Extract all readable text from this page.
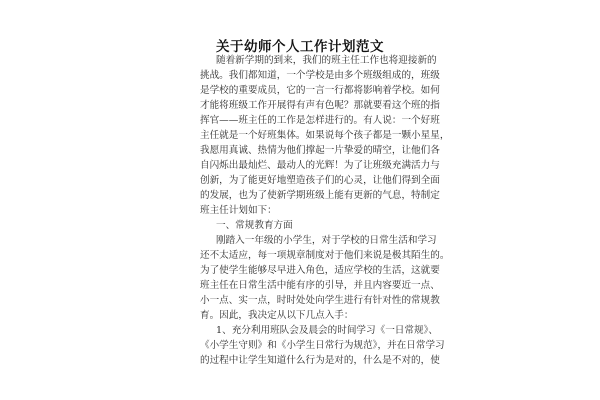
关于幼师个人工作计划范文

随着新学期的到来，我们的班主任工作也将迎接新的

挑战。我们都知道，一个学校是由多个班级组成的，班级

是学校的重要成员，它的一言一行都将影响着学校。如何

才能将班级工作开展得有声有色呢？那就要看这个班的指

挥官——班主任的工作是怎样进行的。有人说：一个好班

主任就是一个好班集体。如果说每个孩子都是一颗小星星，

我愿用真诚、热情为他们撑起一片挚爱的晴空，让他们各

自闪烁出最灿烂、最动人的光辉！为了让班级充满活力与

创新，为了能更好地塑造孩子们的心灵，让他们得到全面

的发展，也为了使新学期班级上能有更新的气息，特制定

班主任计划如下：

一、常规教育方面

刚踏入一年级的小学生，对于学校的日常生活和学习

还不太适应，每一项规章制度对于他们来说是极其陌生的。

为了使学生能够尽早进入角色，适应学校的生活，这就要

班主任在日常生活中能有序的引导，并且内容要近一点、

小一点、实一点，时时处处向学生进行有针对性的常规教

育。因此，我决定从以下几点入手：

1、充分利用班队会及晨会的时间学习《一日常规》、

《小学生守则》和《小学生日常行为规范》，并在日常学习

的过程中让学生知道什么行为是对的，什么是不对的，使
